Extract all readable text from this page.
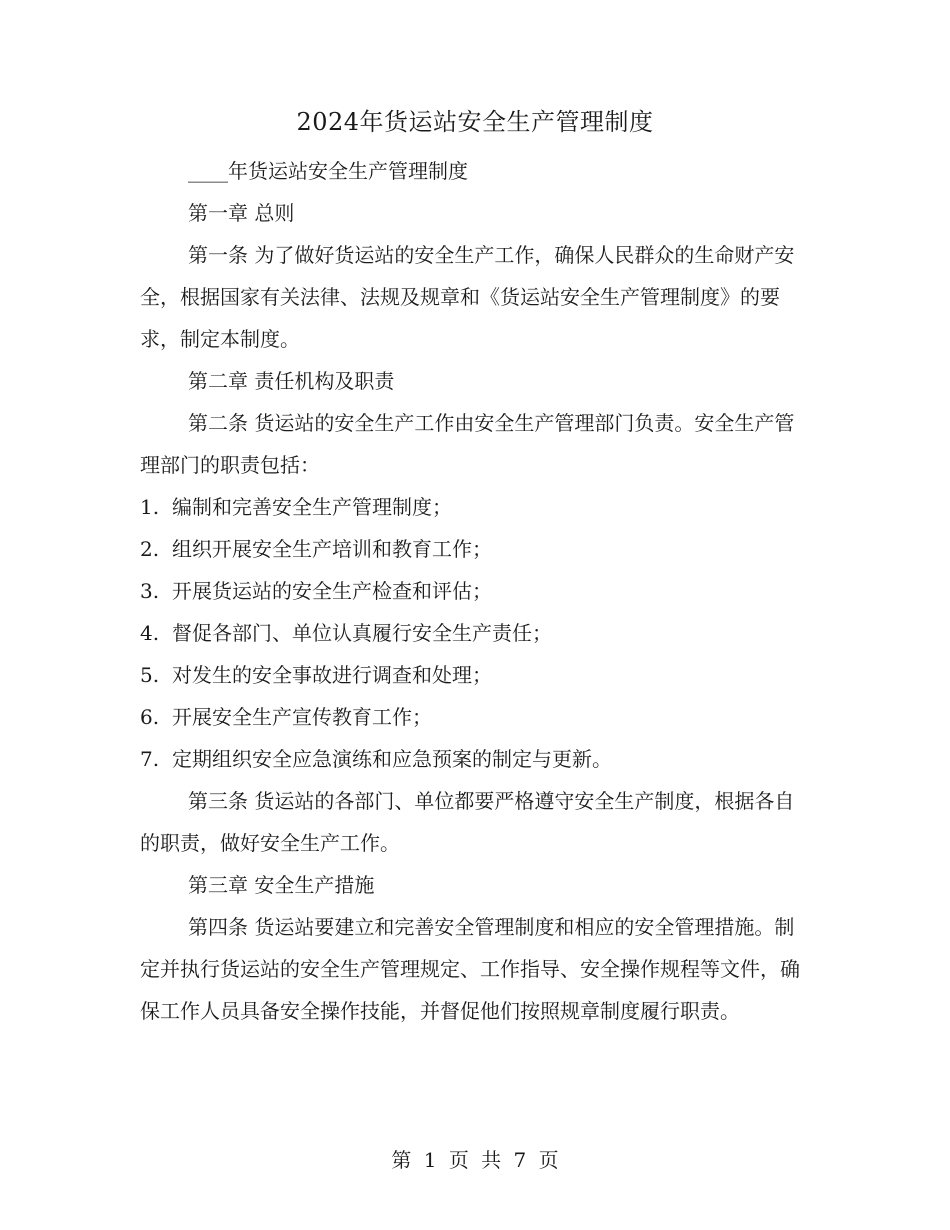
2024年货运站安全生产管理制度

____年货运站安全生产管理制度

第一章 总则

第一条 为了做好货运站的安全生产工作，确保人民群众的生命财产安全，根据国家有关法律、法规及规章和《货运站安全生产管理制度》的要求，制定本制度。

第二章 责任机构及职责

第二条 货运站的安全生产工作由安全生产管理部门负责。安全生产管理部门的职责包括：

1. 编制和完善安全生产管理制度；

2. 组织开展安全生产培训和教育工作；

3. 开展货运站的安全生产检查和评估；

4. 督促各部门、单位认真履行安全生产责任；

5. 对发生的安全事故进行调查和处理；

6. 开展安全生产宣传教育工作；

7. 定期组织安全应急演练和应急预案的制定与更新。

第三条 货运站的各部门、单位都要严格遵守安全生产制度，根据各自的职责，做好安全生产工作。

第三章 安全生产措施

第四条 货运站要建立和完善安全管理制度和相应的安全管理措施。制定并执行货运站的安全生产管理规定、工作指导、安全操作规程等文件，确保工作人员具备安全操作技能，并督促他们按照规章制度履行职责。

第 1 页 共 7 页
